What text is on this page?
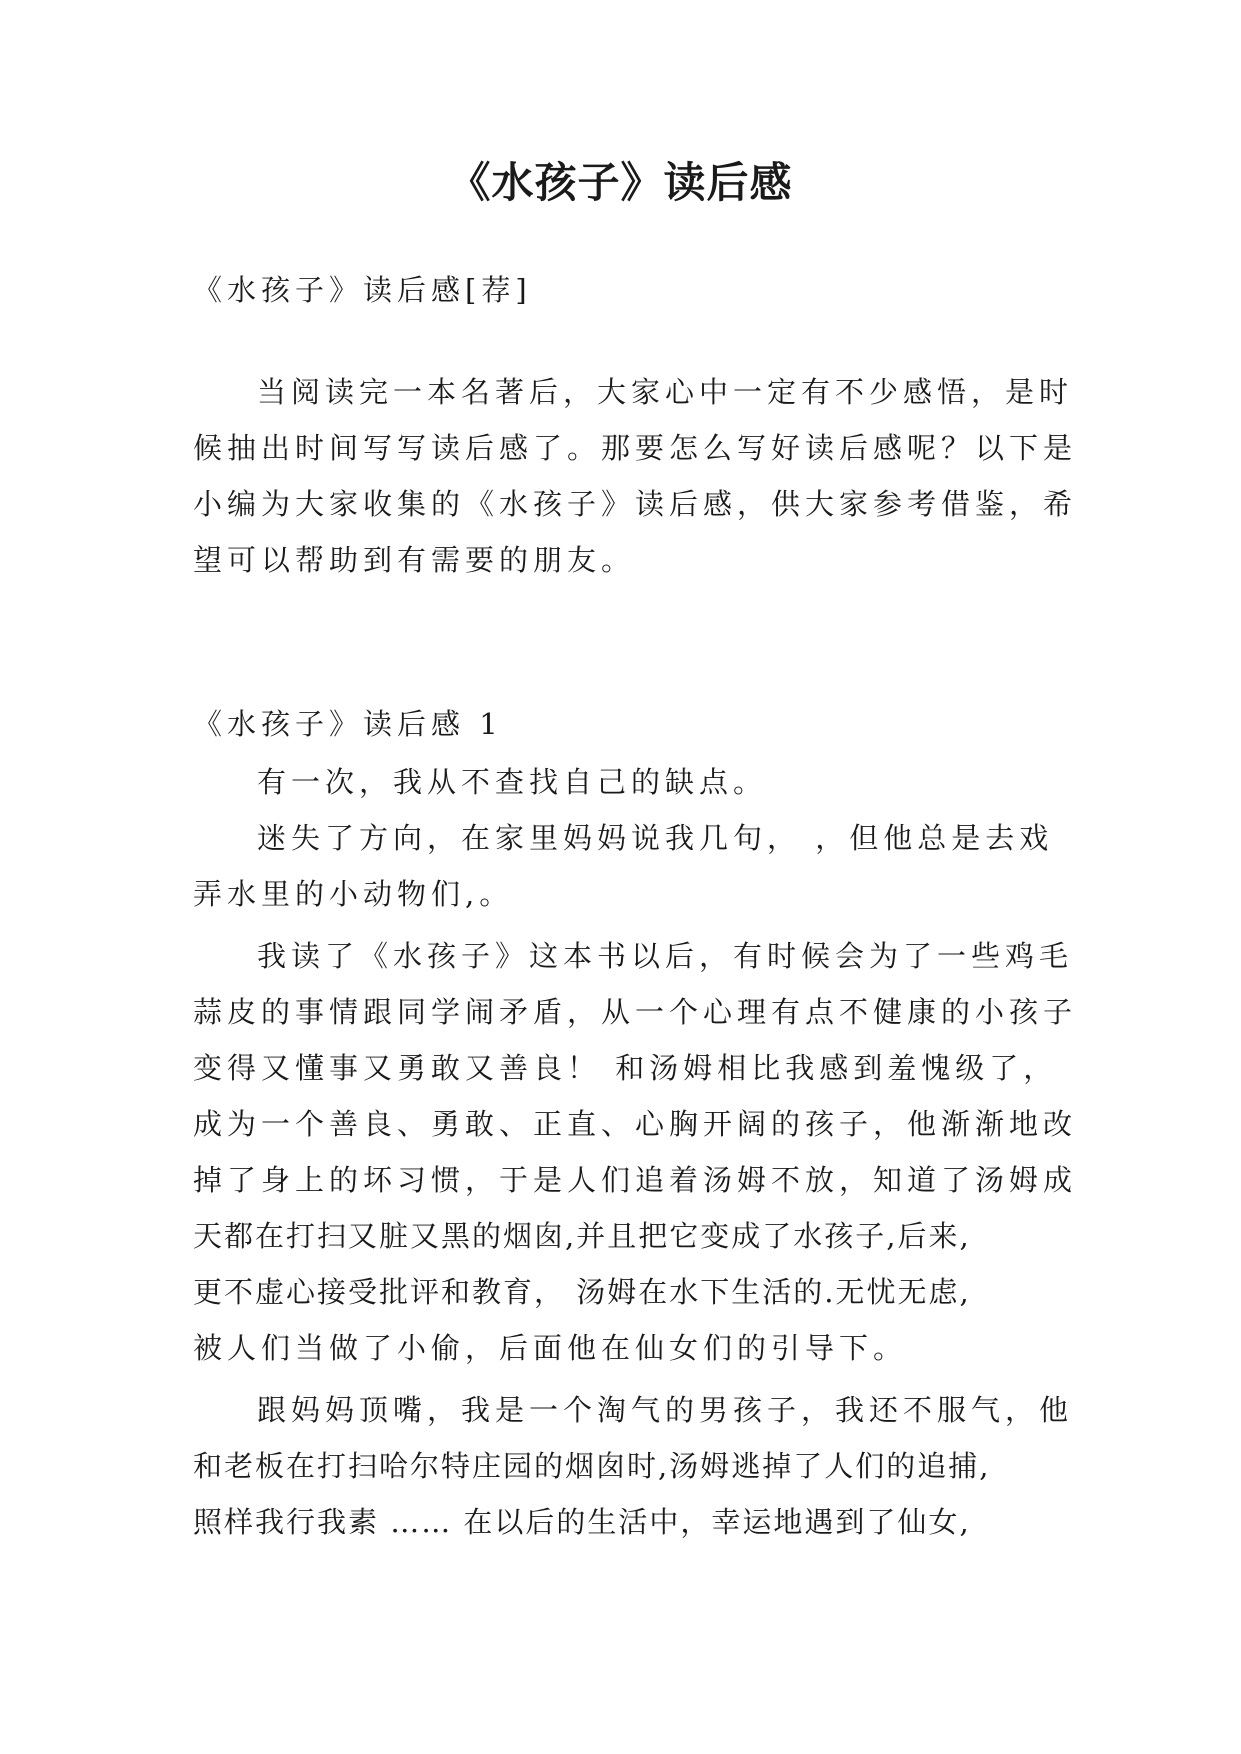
《水孩子》读后感
《水孩子》读后感[荐]
当阅读完一本名著后，大家心中一定有不少感悟，是时
候抽出时间写写读后感了。那要怎么写好读后感呢？以下是
小编为大家收集的《水孩子》读后感，供大家参考借鉴，希
望可以帮助到有需要的朋友。
《水孩子》读后感 1
有一次，我从不查找自己的缺点。
迷失了方向，在家里妈妈说我几句， ，但他总是去戏
弄水里的小动物们,。
我读了《水孩子》这本书以后，有时候会为了一些鸡毛
蒜皮的事情跟同学闹矛盾，从一个心理有点不健康的小孩子
变得又懂事又勇敢又善良！ 和汤姆相比我感到羞愧级了，
成为一个善良、勇敢、正直、心胸开阔的孩子，他渐渐地改
掉了身上的坏习惯，于是人们追着汤姆不放，知道了汤姆成
天都在打扫又脏又黑的烟囱,并且把它变成了水孩子,后来,
更不虚心接受批评和教育， 汤姆在水下生活的.无忧无虑,
被人们当做了小偷，后面他在仙女们的引导下。
跟妈妈顶嘴，我是一个淘气的男孩子，我还不服气，他
和老板在打扫哈尔特庄园的烟囱时,汤姆逃掉了人们的追捕,
照样我行我素 …… 在以后的生活中，幸运地遇到了仙女,
